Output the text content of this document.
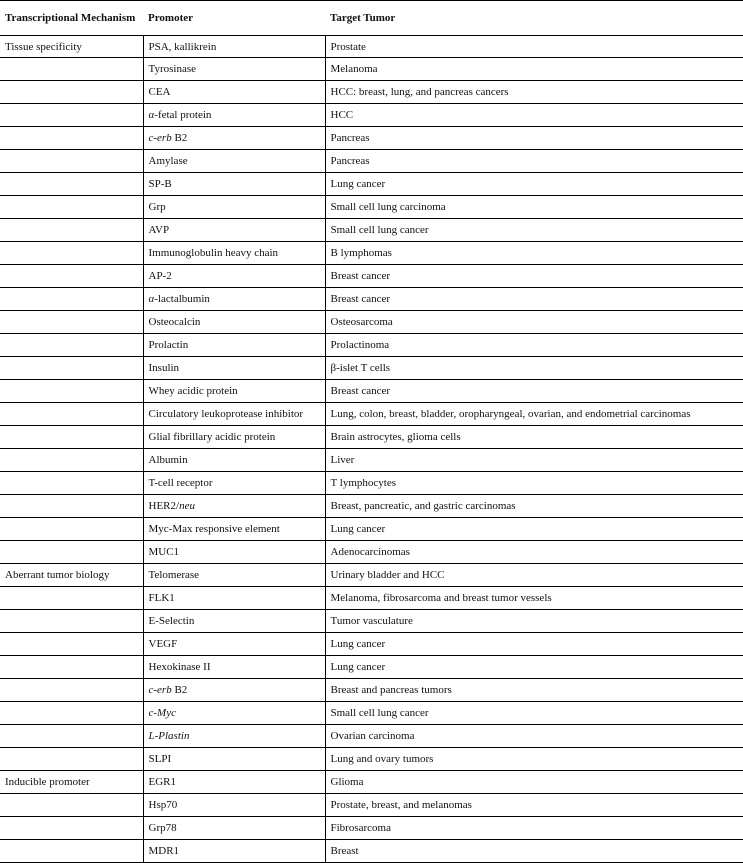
Transcriptional Mechanism	Promoter	Target Tumor
Tissue specificity	PSA, kallikrein	Prostate
	Tyrosinase	Melanoma
	CEA	HCC: breast, lung, and pancreas cancers
	α-fetal protein	HCC
	c-erb B2	Pancreas
	Amylase	Pancreas
	SP-B	Lung cancer
	Grp	Small cell lung carcinoma
	AVP	Small cell lung cancer
	Immunoglobulin heavy chain	B lymphomas
	AP-2	Breast cancer
	α-lactalbumin	Breast cancer
	Osteocalcin	Osteosarcoma
	Prolactin	Prolactinoma
	Insulin	β-islet T cells
	Whey acidic protein	Breast cancer
	Circulatory leukoprotease inhibitor	Lung, colon, breast, bladder, oropharyngeal, ovarian, and endometrial carcinomas
	Glial fibrillary acidic protein	Brain astrocytes, glioma cells
	Albumin	Liver
	T-cell receptor	T lymphocytes
	HER2/neu	Breast, pancreatic, and gastric carcinomas
	Myc-Max responsive element	Lung cancer
	MUC1	Adenocarcinomas
Aberrant tumor biology	Telomerase	Urinary bladder and HCC
	FLK1	Melanoma, fibrosarcoma and breast tumor vessels
	E-Selectin	Tumor vasculature
	VEGF	Lung cancer
	Hexokinase II	Lung cancer
	c-erb B2	Breast and pancreas tumors
	c-Myc	Small cell lung cancer
	L-Plastin	Ovarian carcinoma
	SLPI	Lung and ovary tumors
Inducible promoter	EGR1	Glioma
	Hsp70	Prostate, breast, and melanomas
	Grp78	Fibrosarcoma
	MDR1	Breast
